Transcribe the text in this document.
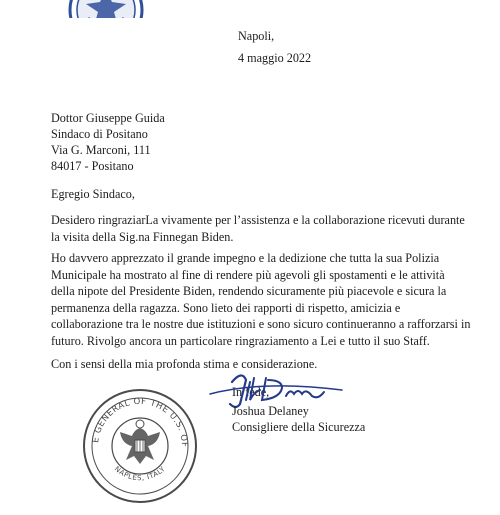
Napoli,
4 maggio 2022
Dottor Giuseppe Guida
Sindaco di Positano
Via G. Marconi, 111
84017 - Positano
Egregio Sindaco,
Desidero ringraziarLa vivamente per l’assistenza e la collaborazione ricevuti durante la visita della Sig.na Finnegan Biden.
Ho davvero apprezzato il grande impegno e la dedizione che tutta la sua Polizia Municipale ha mostrato al fine di rendere più agevoli gli spostamenti e le attività della nipote del Presidente Biden, rendendo sicuramente più piacevole e sicura la permanenza della ragazza. Sono lieto dei rapporti di rispetto, amicizia e collaborazione tra le nostre due istituzioni e sono sicuro continueranno a rafforzarsi in futuro. Rivolgo ancora un particolare ringraziamento a Lei e tutto il suo Staff.
Con i sensi della mia profonda stima e considerazione.
In fede,
Joshua Delaney
Consigliere della Sicurezza
E GENERAL OF THE U.S. OF
NAPLES, ITALY
